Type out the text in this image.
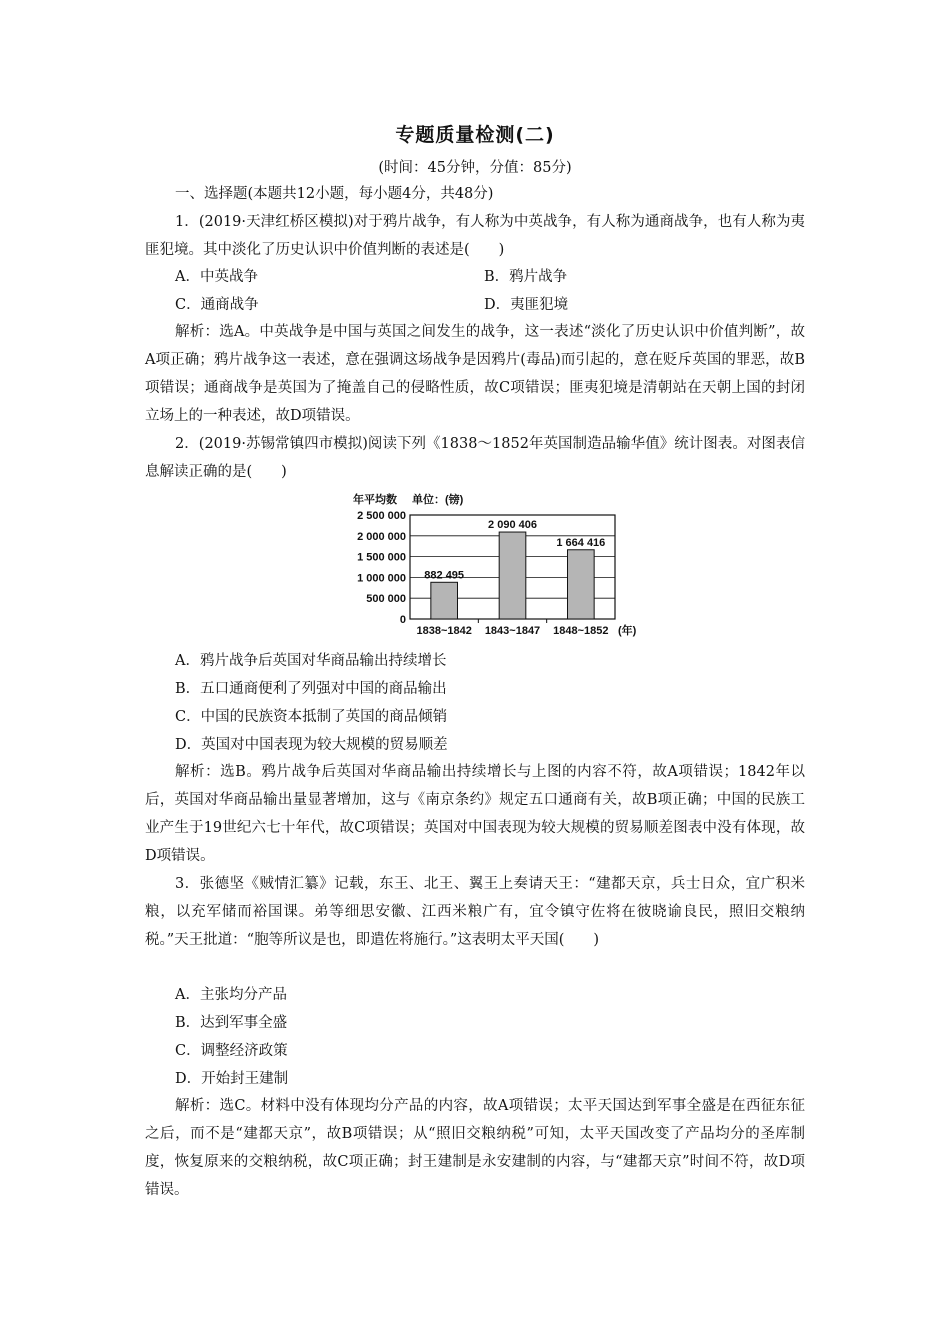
专题质量检测(二)
(时间：45分钟，分值：85分)
一、选择题(本题共12小题，每小题4分，共48分)
1．(2019·天津红桥区模拟)对于鸦片战争，有人称为中英战争，有人称为通商战争，也有人称为夷匪犯境。其中淡化了历史认识中价值判断的表述是(　　)
A．中英战争	B．鸦片战争
C．通商战争	D．夷匪犯境
解析：选A。中英战争是中国与英国之间发生的战争，这一表述“淡化了历史认识中价值判断”，故A项正确；鸦片战争这一表述，意在强调这场战争是因鸦片(毒品)而引起的，意在贬斥英国的罪恶，故B项错误；通商战争是英国为了掩盖自己的侵略性质，故C项错误；匪夷犯境是清朝站在天朝上国的封闭立场上的一种表述，故D项错误。
2．(2019·苏锡常镇四市模拟)阅读下列《1838～1852年英国制造品输华值》统计图表。对图表信息解读正确的是(　　)
年平均数 单位：(镑)
0
500 000
1 000 000
1 500 000
2 000 000
2 500 000
882 495
2 090 406
1 664 416
1838~1842 1843~1847 1848~1852 (年)
A．鸦片战争后英国对华商品输出持续增长
B．五口通商便利了列强对中国的商品输出
C．中国的民族资本抵制了英国的商品倾销
D．英国对中国表现为较大规模的贸易顺差
解析：选B。鸦片战争后英国对华商品输出持续增长与上图的内容不符，故A项错误；1842年以后，英国对华商品输出量显著增加，这与《南京条约》规定五口通商有关，故B项正确；中国的民族工业产生于19世纪六七十年代，故C项错误；英国对中国表现为较大规模的贸易顺差图表中没有体现，故D项错误。
3．张德坚《贼情汇纂》记载，东王、北王、翼王上奏请天王：“建都天京，兵士日众，宜广积米粮，以充军储而裕国课。弟等细思安徽、江西米粮广有，宜令镇守佐将在彼晓谕良民，照旧交粮纳税。”天王批道：“胞等所议是也，即遣佐将施行。”这表明太平天国(　　)
A．主张均分产品
B．达到军事全盛
C．调整经济政策
D．开始封王建制
解析：选C。材料中没有体现均分产品的内容，故A项错误；太平天国达到军事全盛是在西征东征之后，而不是“建都天京”，故B项错误；从“照旧交粮纳税”可知，太平天国改变了产品均分的圣库制度，恢复原来的交粮纳税，故C项正确；封王建制是永安建制的内容，与“建都天京”时间不符，故D项错误。
